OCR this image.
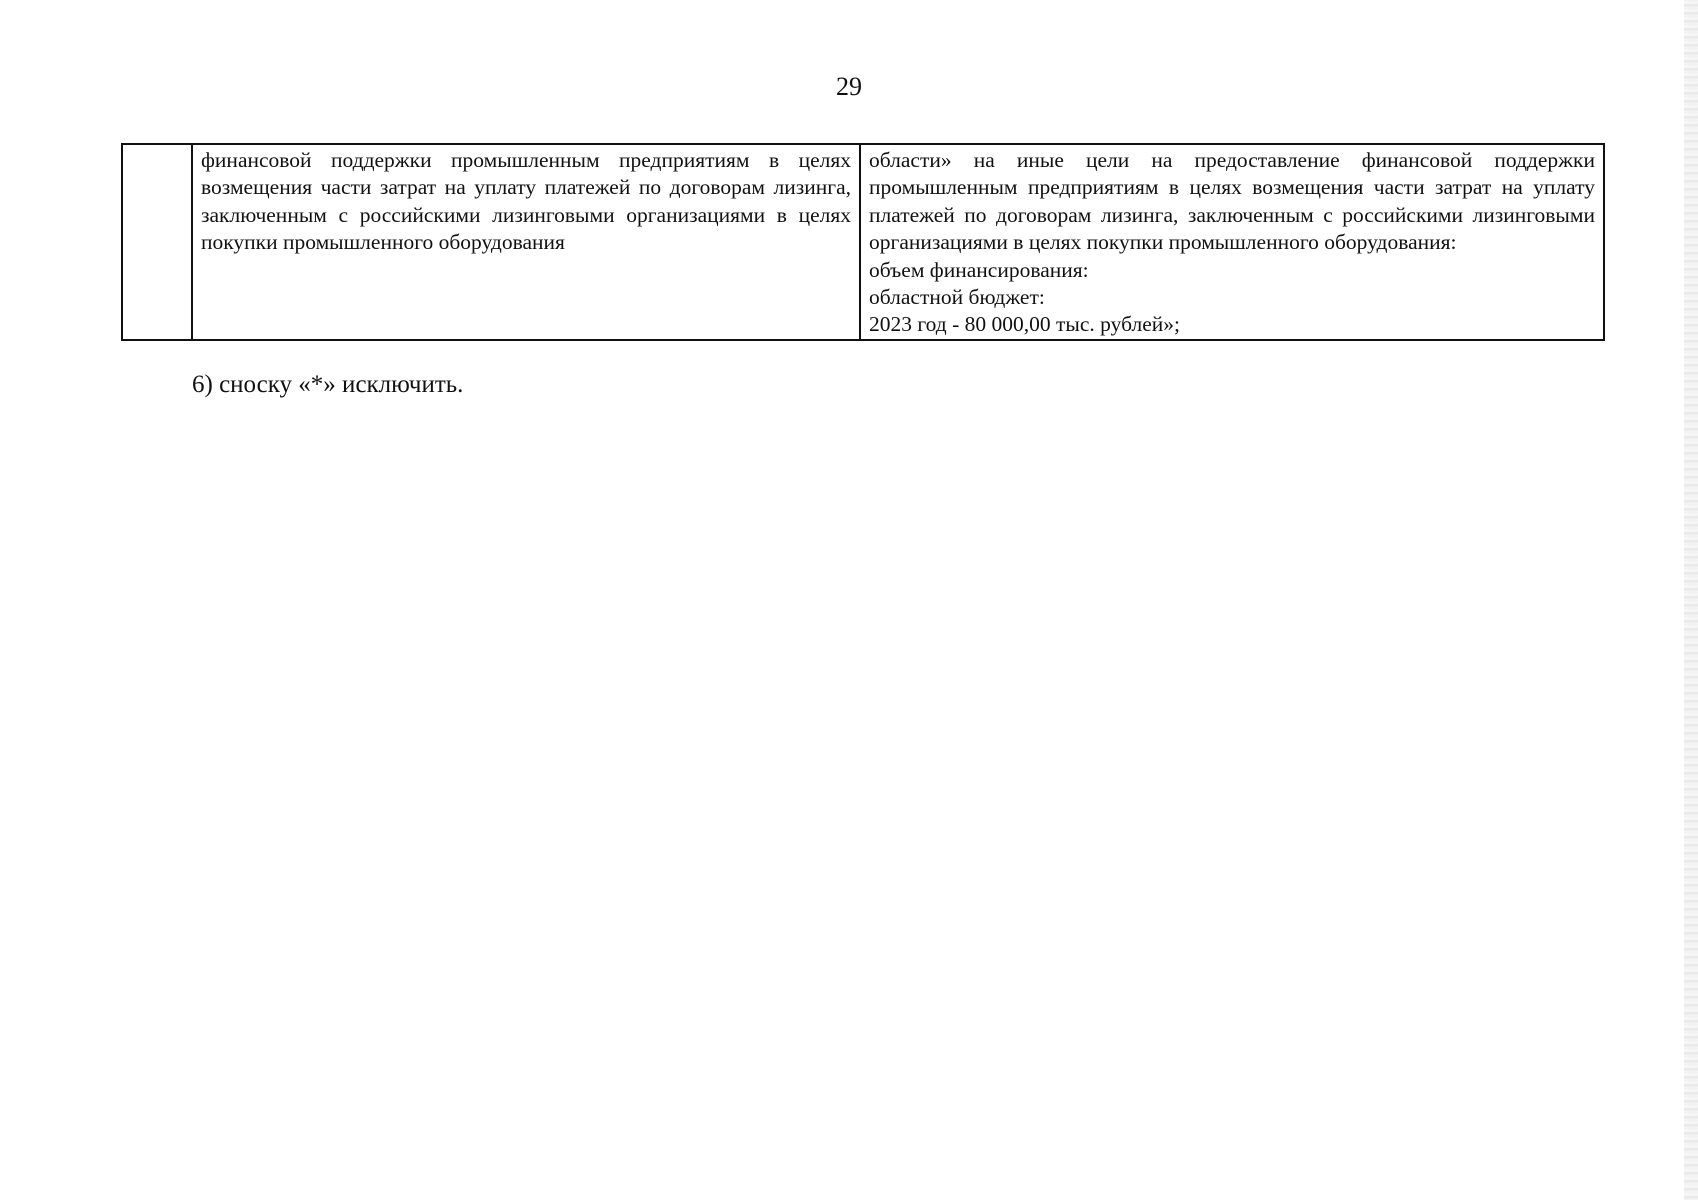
29
	финансовой поддержки промышленным предприятиям в целях возмещения части затрат на уплату платежей по договорам лизинга, заключенным с российскими лизинговыми организациями в целях покупки промышленного оборудования	области» на иные цели на предоставление финансовой поддержки промышленным предприятиям в целях возмещения части затрат на уплату платежей по договорам лизинга, заключенным с российскими лизинговыми организациями в целях покупки промышленного оборудования:
объем финансирования:
областной бюджет:
2023 год - 80 000,00 тыс. рублей»;
6) сноску «*» исключить.
